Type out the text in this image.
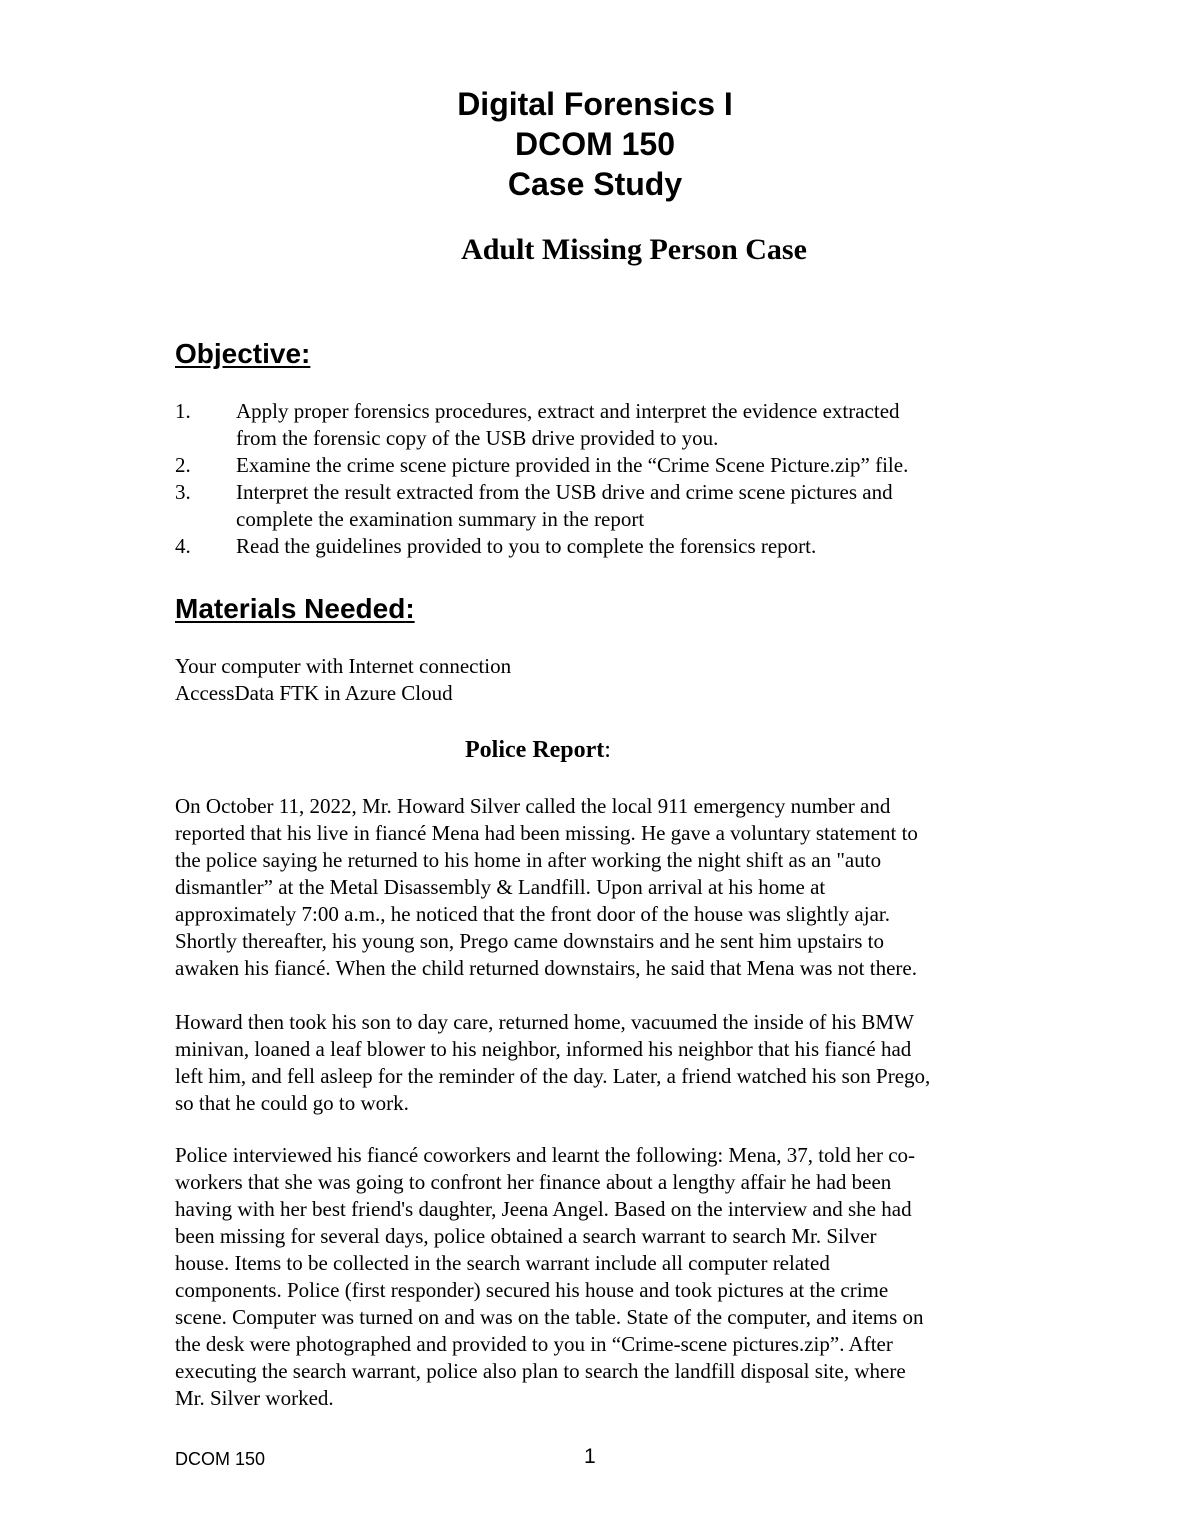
Digital Forensics I
DCOM 150
Case Study
Adult Missing Person Case
Objective:
1. Apply proper forensics procedures, extract and interpret the evidence extracted
from the forensic copy of the USB drive provided to you.
2. Examine the crime scene picture provided in the “Crime Scene Picture.zip” file.
3. Interpret the result extracted from the USB drive and crime scene pictures and
complete the examination summary in the report
4. Read the guidelines provided to you to complete the forensics report.
Materials Needed:
Your computer with Internet connection
AccessData FTK in Azure Cloud
Police Report:
On October 11, 2022, Mr. Howard Silver called the local 911 emergency number and
reported that his live in fiancé Mena had been missing. He gave a voluntary statement to
the police saying he returned to his home in after working the night shift as an "auto
dismantler” at the Metal Disassembly & Landfill. Upon arrival at his home at
approximately 7:00 a.m., he noticed that the front door of the house was slightly ajar.
Shortly thereafter, his young son, Prego came downstairs and he sent him upstairs to
awaken his fiancé. When the child returned downstairs, he said that Mena was not there.
Howard then took his son to day care, returned home, vacuumed the inside of his BMW
minivan, loaned a leaf blower to his neighbor, informed his neighbor that his fiancé had
left him, and fell asleep for the reminder of the day. Later, a friend watched his son Prego,
so that he could go to work.
Police interviewed his fiancé coworkers and learnt the following: Mena, 37, told her co-
workers that she was going to confront her finance about a lengthy affair he had been
having with her best friend's daughter, Jeena Angel. Based on the interview and she had
been missing for several days, police obtained a search warrant to search Mr. Silver
house. Items to be collected in the search warrant include all computer related
components. Police (first responder) secured his house and took pictures at the crime
scene. Computer was turned on and was on the table. State of the computer, and items on
the desk were photographed and provided to you in “Crime-scene pictures.zip”. After
executing the search warrant, police also plan to search the landfill disposal site, where
Mr. Silver worked.
DCOM 150	1
